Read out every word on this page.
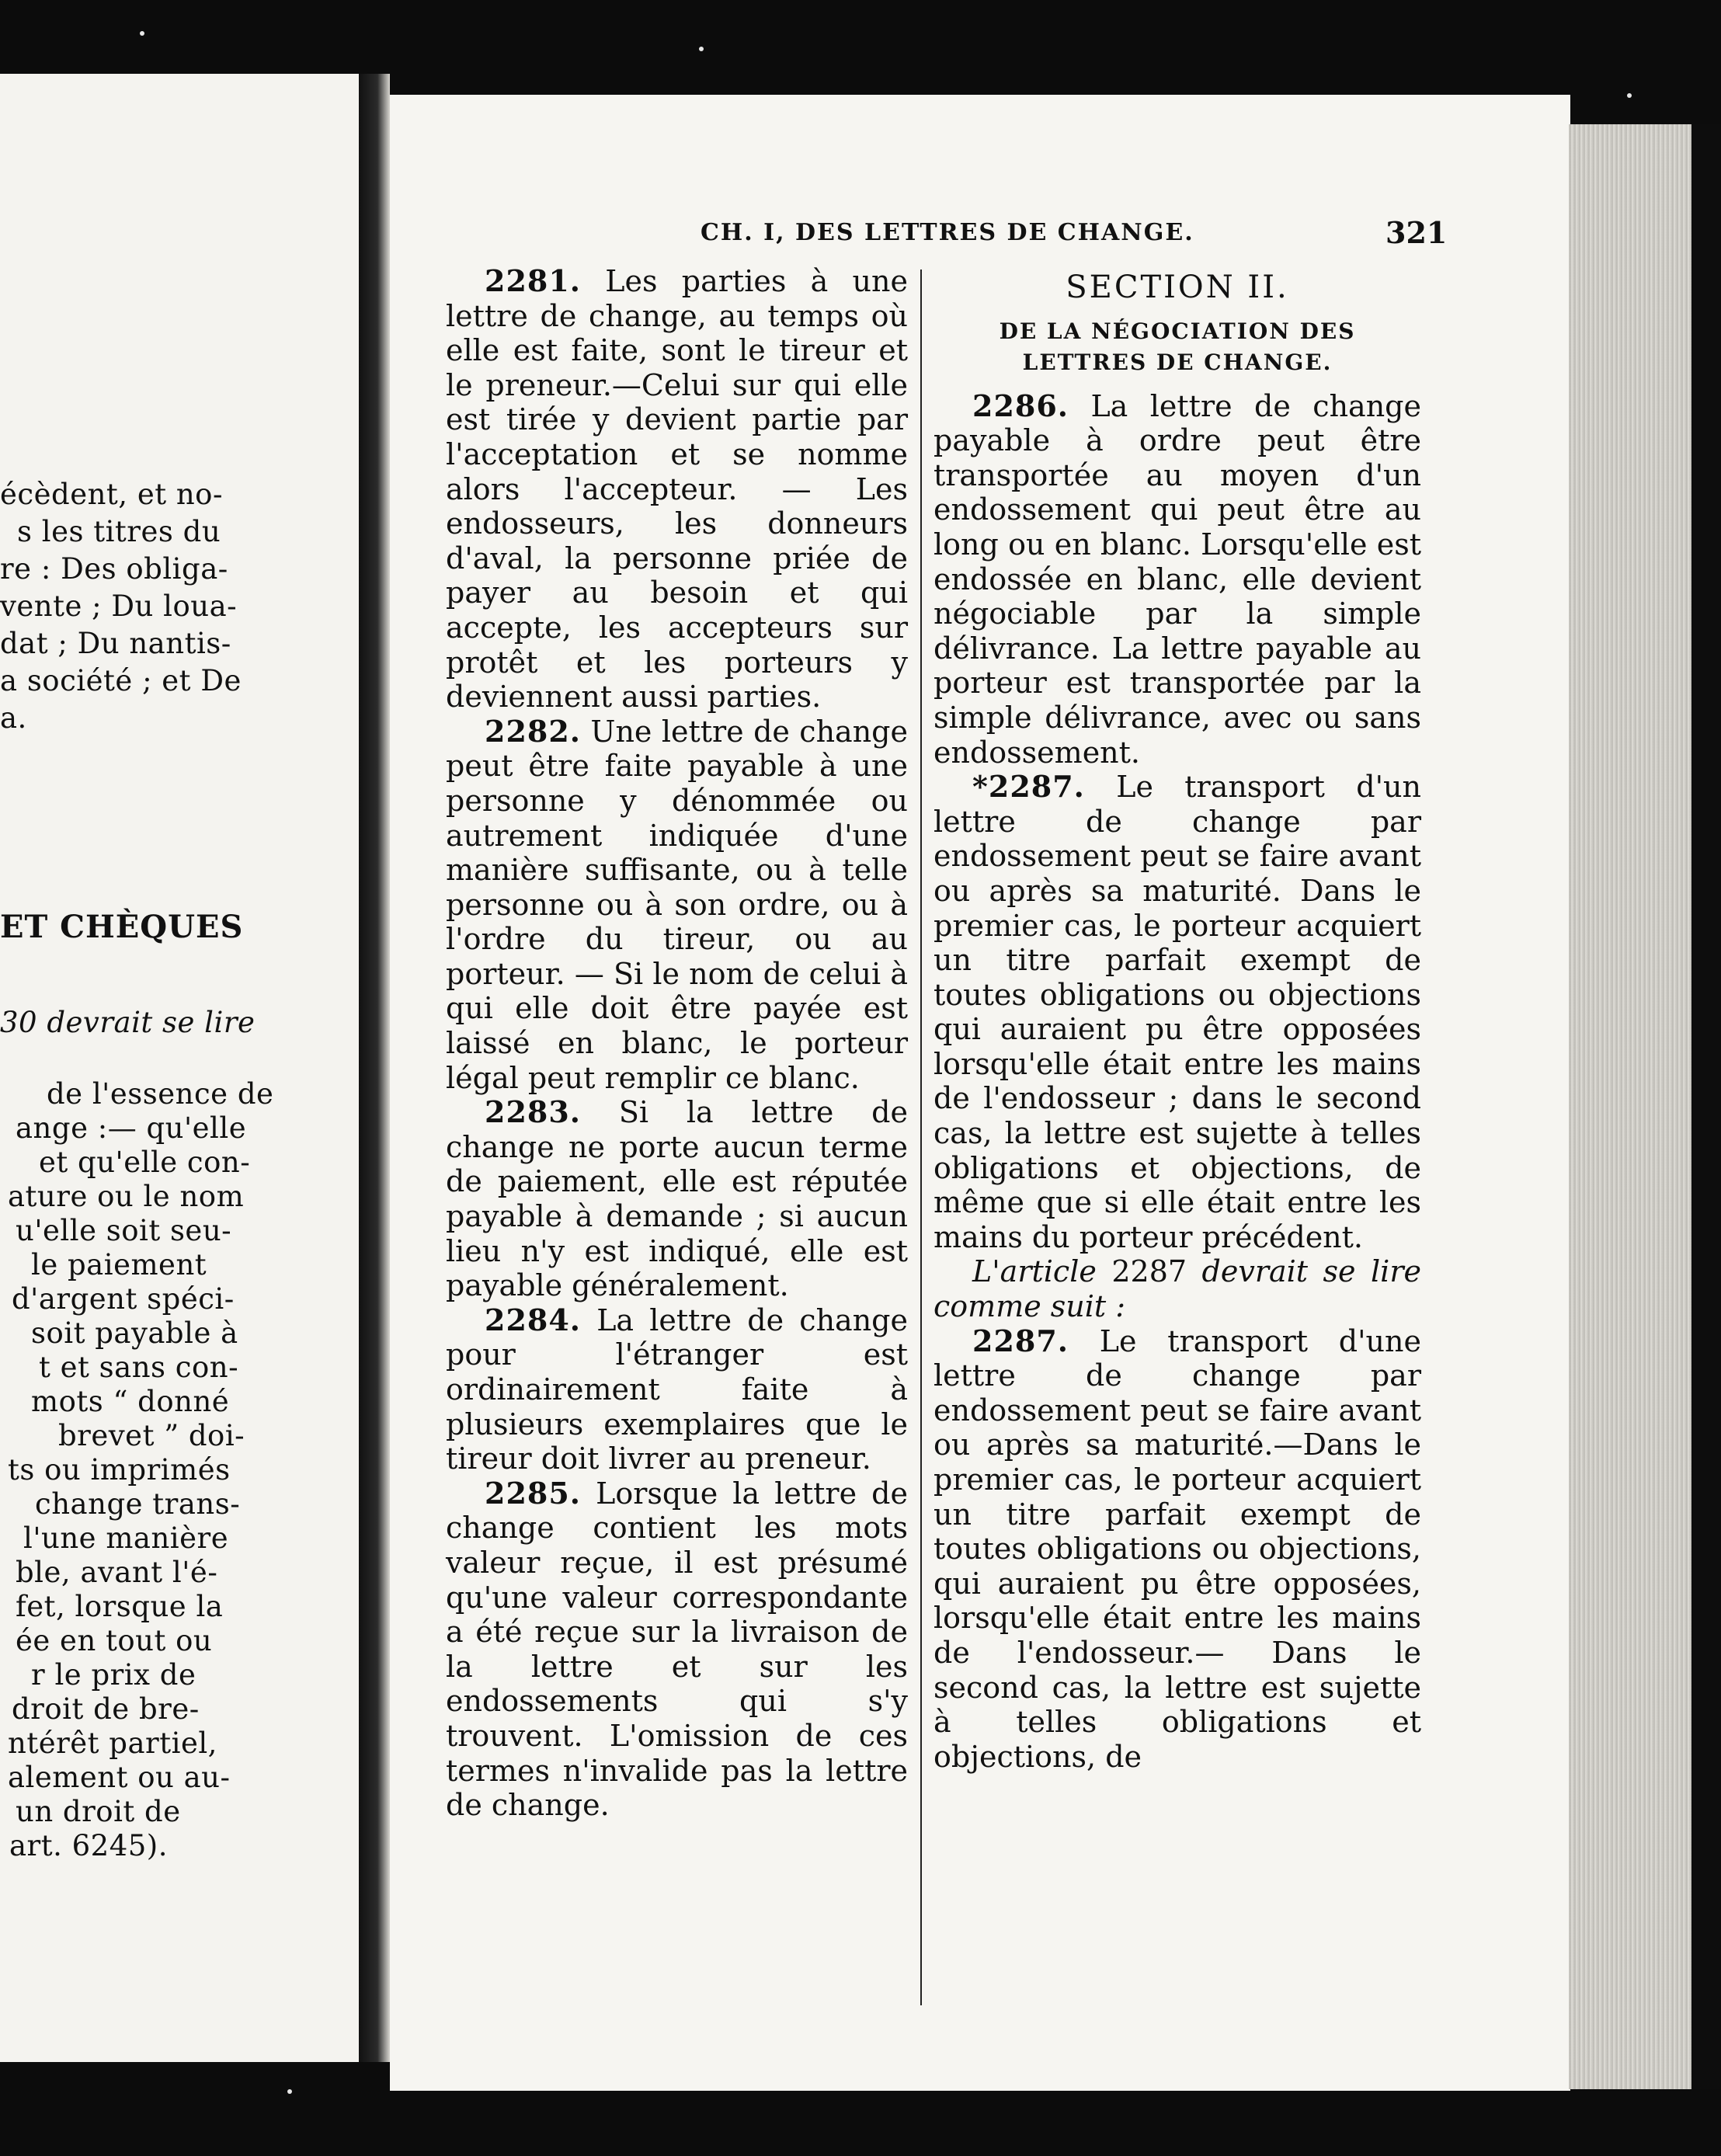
écèdent, et no-
s les titres du
re : Des obliga-
vente ; Du loua-
dat ; Du nantis-
a société ; et De
a.
ET CHÈQUES
30 devrait se lire
de l'essence de
ange :— qu'elle
et qu'elle con-
ature ou le nom
u'elle soit seu-
le paiement
d'argent spéci-
soit payable à
t et sans con-
mots “ donné
brevet ” doi-
ts ou imprimés
change trans-
l'une manière
ble, avant l'é-
fet, lorsque la
ée en tout ou
r le prix de
droit de bre-
ntérêt partiel,
alement ou au-
un droit de
art. 6245).
CH. I, DES LETTRES DE CHANGE.	321

2281. Les parties à une lettre de change, au temps où elle est faite, sont le tireur et le preneur.—Celui sur qui elle est tirée y devient partie par l'acceptation et se nomme alors l'accepteur. — Les endosseurs, les donneurs d'aval, la personne priée de payer au besoin et qui accepte, les accepteurs sur protêt et les porteurs y deviennent aussi parties.

2282. Une lettre de change peut être faite payable à une personne y dénommée ou autrement indiquée d'une manière suffisante, ou à telle personne ou à son ordre, ou à l'ordre du tireur, ou au porteur. — Si le nom de celui à qui elle doit être payée est laissé en blanc, le porteur légal peut remplir ce blanc.

2283. Si la lettre de change ne porte aucun terme de paiement, elle est réputée payable à demande ; si aucun lieu n'y est indiqué, elle est payable généralement.

2284. La lettre de change pour l'étranger est ordinairement faite à plusieurs exemplaires que le tireur doit livrer au preneur.

2285. Lorsque la lettre de change contient les mots valeur reçue, il est présumé qu'une valeur correspondante a été reçue sur la livraison de la lettre et sur les endossements qui s'y trouvent. L'omission de ces termes n'invalide pas la lettre de change.

SECTION II.
DE LA NÉGOCIATION DES LETTRES DE CHANGE.

2286. La lettre de change payable à ordre peut être transportée au moyen d'un endossement qui peut être au long ou en blanc. Lorsqu'elle est endossée en blanc, elle devient négociable par la simple délivrance. La lettre payable au porteur est transportée par la simple délivrance, avec ou sans endossement.

*2287. Le transport d'un lettre de change par endossement peut se faire avant ou après sa maturité. Dans le premier cas, le porteur acquiert un titre parfait exempt de toutes obligations ou objections qui auraient pu être opposées lorsqu'elle était entre les mains de l'endosseur ; dans le second cas, la lettre est sujette à telles obligations et objections, de même que si elle était entre les mains du porteur précédent.

L'article 2287 devrait se lire comme suit :

2287. Le transport d'une lettre de change par endossement peut se faire avant ou après sa maturité.—Dans le premier cas, le porteur acquiert un titre parfait exempt de toutes obligations ou objections, qui auraient pu être opposées, lorsqu'elle était entre les mains de l'endosseur.— Dans le second cas, la lettre est sujette à telles obligations et objections, de
